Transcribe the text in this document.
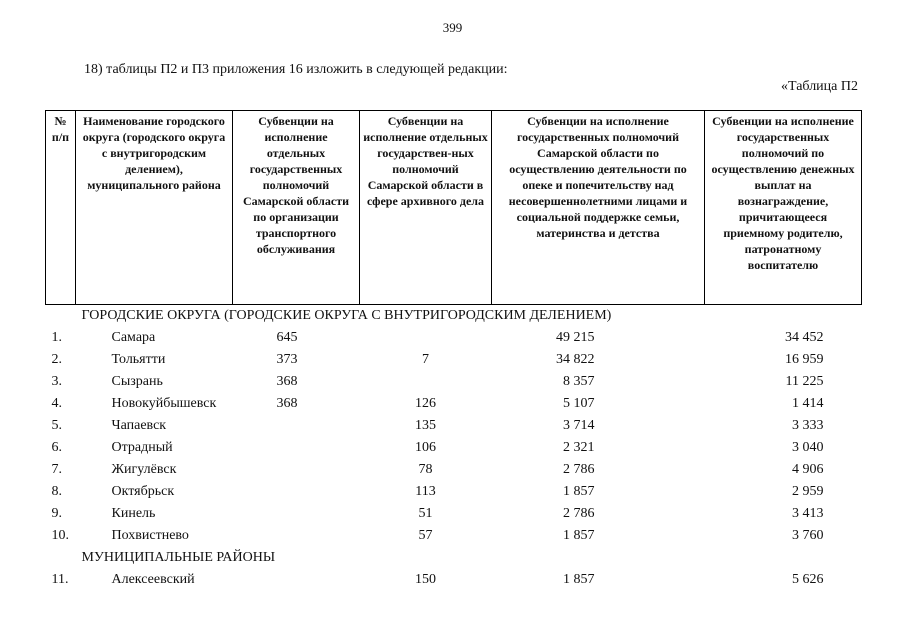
399
18) таблицы П2 и П3 приложения 16 изложить в следующей редакции:
«Таблица П2
№ п/п	Наименование городского округа (городского округа с внутригородским делением), муниципального района	Субвенции на исполнение отдельных государственных полномочий Самарской области по организации транспортного обслуживания	Субвенции на исполнение отдельных государствен-ных полномочий Самарской области в сфере архивного дела	Субвенции на исполнение государственных полномочий Самарской области по осуществлению деятельности по опеке и попечительству над несовершеннолетними лицами и социальной поддержке семьи, материнства и детства	Субвенции на исполнение государственных полномочий по осуществлению денежных выплат на вознаграждение, причитающееся приемному родителю, патронатному воспитателю
ГОРОДСКИЕ ОКРУГА (ГОРОДСКИЕ ОКРУГА С ВНУТРИГОРОДСКИМ ДЕЛЕНИЕМ)					
1.	Самара	645		49 215	34 452
2.	Тольятти	373	7	34 822	16 959
3.	Сызрань	368		8 357	11 225
4.	Новокуйбышевск	368	126	5 107	1 414
5.	Чапаевск		135	3 714	3 333
6.	Отрадный		106	2 321	3 040
7.	Жигулёвск		78	2 786	4 906
8.	Октябрьск		113	1 857	2 959
9.	Кинель		51	2 786	3 413
10.	Похвистнево		57	1 857	3 760
МУНИЦИПАЛЬНЫЕ РАЙОНЫ					
11.	Алексеевский		150	1 857	5 626
